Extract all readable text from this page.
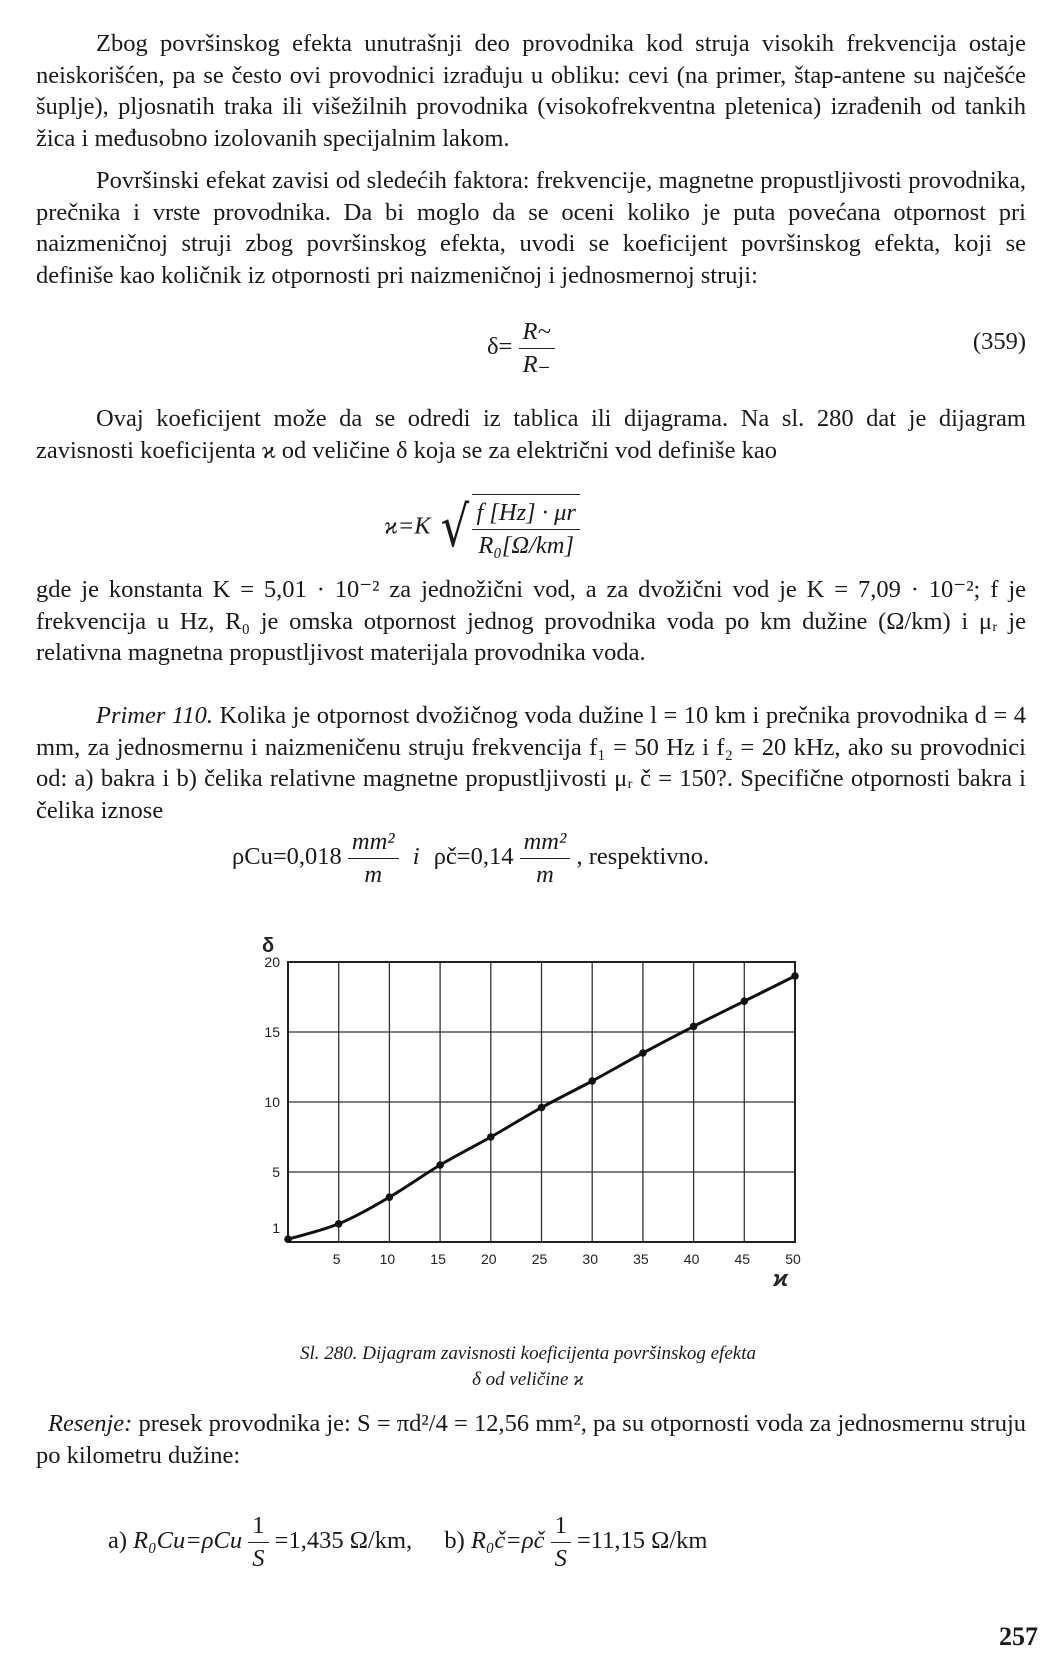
Zbog površinskog efekta unutrašnji deo provodnika kod struja visokih frekvencija ostaje neiskorišćen, pa se često ovi provodnici izrađuju u obliku: cevi (na primer, štap-antene su najčešće šuplje), pljosnatih traka ili višežilnih provodnika (visokofrekventna pletenica) izrađenih od tankih žica i međusobno izolovanih specijalnim lakom.

Površinski efekat zavisi od sledećih faktora: frekvencije, magnetne propustljivosti provodnika, prečnika i vrste provodnika. Da bi moglo da se oceni koliko je puta povećana otpornost pri naizmeničnoj struji zbog površinskog efekta, uvodi se koeficijent površinskog efekta, koji se definiše kao količnik iz otpornosti pri naizmeničnoj i jednosmernoj struji:

$\delta= \frac{R\sim}{R_-}$	(359)

Ovaj koeficijent može da se odredi iz tablica ili dijagrama. Na sl. 280 dat je dijagram zavisnosti koeficijenta ϰ od veličine δ koja se za električni vod definiše kao

ϰ=K √ $\frac{f [Hz] \cdot \mu r}{\text{R₀[Ω/km]}}$

gde je konstanta K = 5,01 · 10⁻² za jednožični vod, a za dvožični vod je K = 7,09 · 10⁻²; f je frekvencija u Hz, R₀ je omska otpornost jednog provodnika voda po km dužine (Ω/km) i μᵣ je relativna magnetna propustljivost materijala provodnika voda.

Primer 110. Kolika je otpornost dvožičnog voda dužine l = 10 km i prečnika provodnika d = 4 mm, za jednosmernu i naizmeničenu struju frekvencija f₁ = 50 Hz i f₂ = 20 kHz, ako su provodnici od: a) bakra i b) čelika relativne magnetne propustljivosti μᵣ č = 150?. Specifične otpornosti bakra i čelika iznose

$\rho Cu=0,018 \frac{\text{mm²}}{m}$ i ρč=0,14 $\frac{\text{mm²}}{m}$ , respektivno.
5	10	15	20	25	30	35	40	45	50
1
5
10
15
20
δ
ϰ
Sl. 280. Dijagram zavisnosti koeficijenta površinskog efekta
δ od veličine ϰ

Resenje: presek provodnika je: S = πd²/4 = 12,56 mm², pa su otpornosti voda za jednosmernu struju po kilometru dužine:

a) $R_0Cu=\rho Cu \frac{1}{S} =1,435$ Ω/km, b) R₀č=ρč $\frac{1}{S} =11,15$ Ω/km
257
